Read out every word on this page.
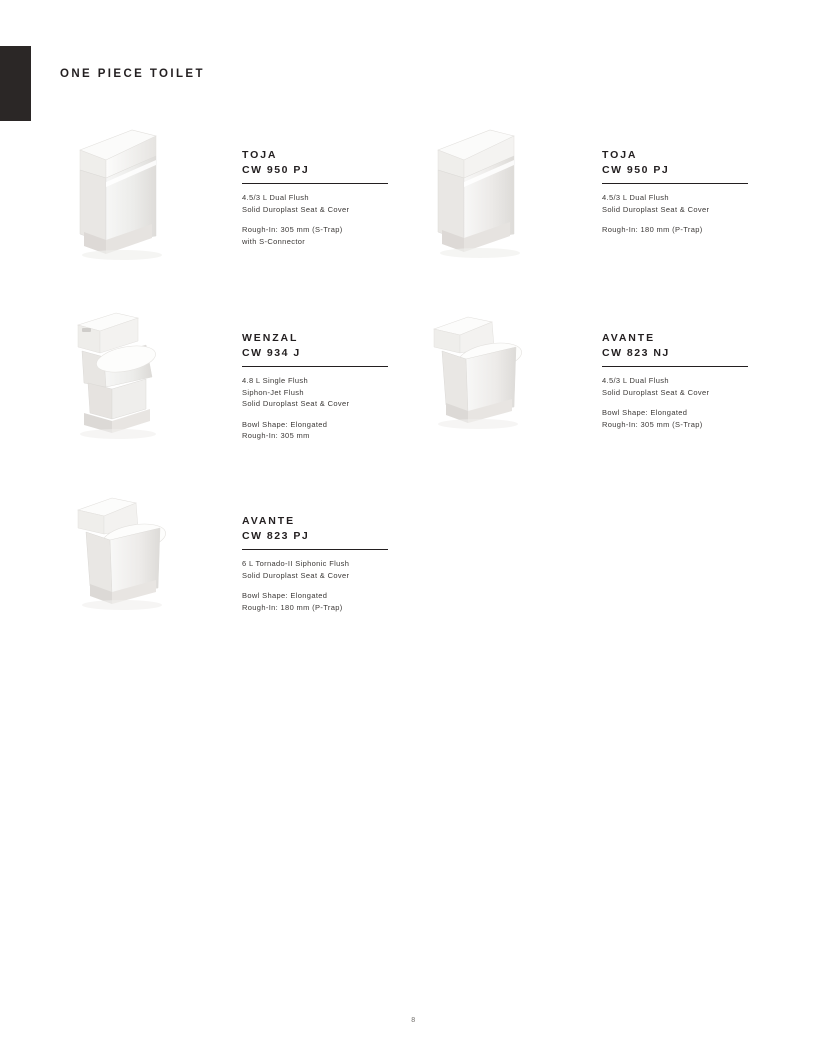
ONE PIECE TOILET
TOJA
CW 950 PJ
4.5/3 L Dual Flush
Solid Duroplast Seat & Cover
Rough-In: 305 mm (S-Trap)
with S-Connector
TOJA
CW 950 PJ
4.5/3 L Dual Flush
Solid Duroplast Seat & Cover
Rough-In: 180 mm (P-Trap)
WENZAL
CW 934 J
4.8 L Single Flush
Siphon-Jet Flush
Solid Duroplast Seat & Cover
Bowl Shape: Elongated
Rough-In: 305 mm
AVANTE
CW 823 NJ
4.5/3 L Dual Flush
Solid Duroplast Seat & Cover
Bowl Shape: Elongated
Rough-In: 305 mm (S-Trap)
AVANTE
CW 823 PJ
6 L Tornado-II Siphonic Flush
Solid Duroplast Seat & Cover
Bowl Shape: Elongated
Rough-In: 180 mm (P-Trap)
8
